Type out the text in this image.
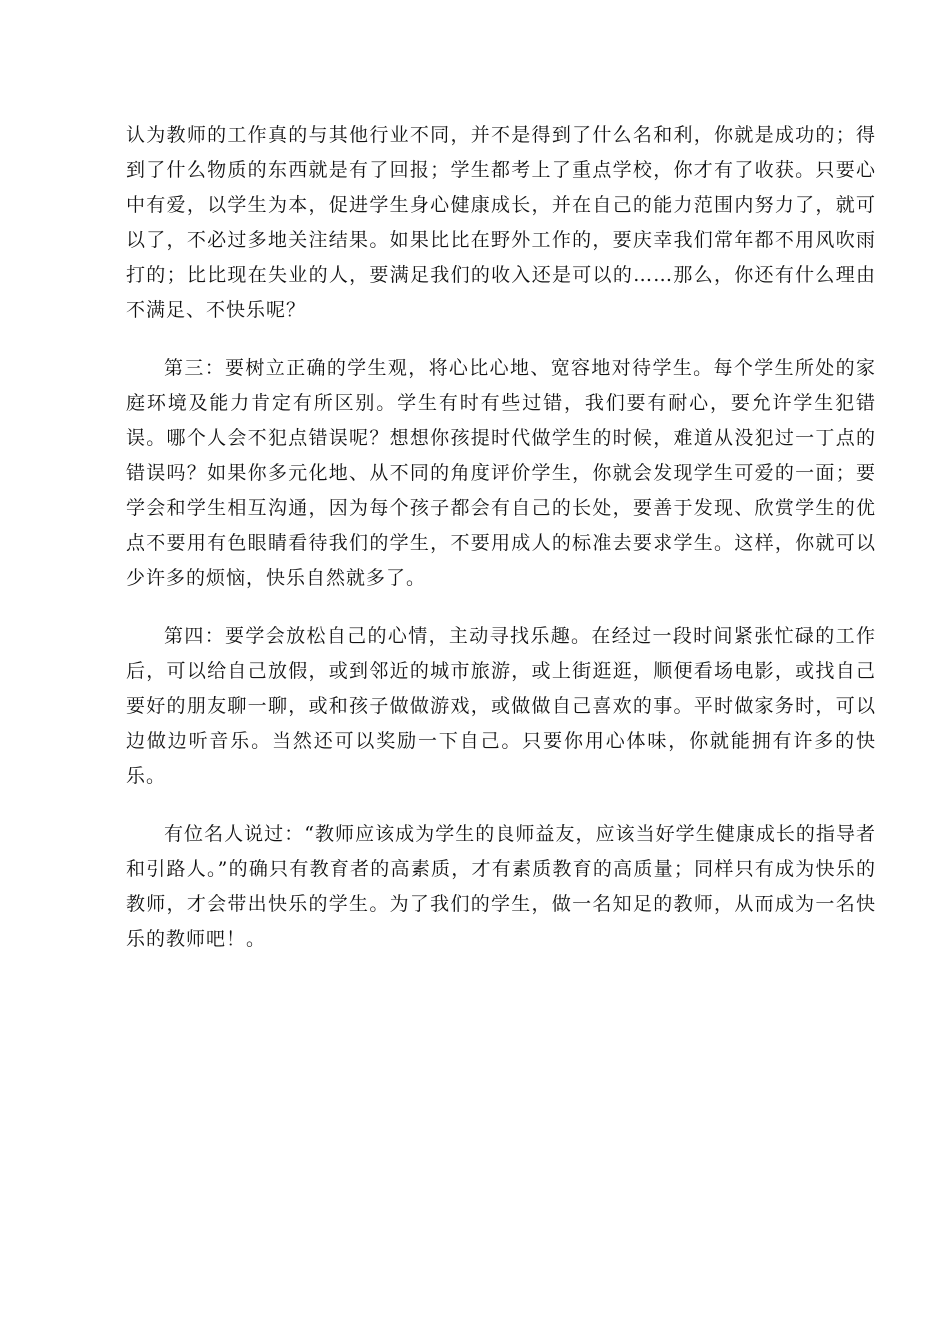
认为教师的工作真的与其他行业不同，并不是得到了什么名和利，你就是成功的；得到了什么物质的东西就是有了回报；学生都考上了重点学校，你才有了收获。只要心中有爱，以学生为本，促进学生身心健康成长，并在自己的能力范围内努力了，就可以了，不必过多地关注结果。如果比比在野外工作的，要庆幸我们常年都不用风吹雨打的；比比现在失业的人，要满足我们的收入还是可以的……那么，你还有什么理由不满足、不快乐呢？

第三：要树立正确的学生观，将心比心地、宽容地对待学生。每个学生所处的家庭环境及能力肯定有所区别。学生有时有些过错，我们要有耐心，要允许学生犯错误。哪个人会不犯点错误呢？想想你孩提时代做学生的时候，难道从没犯过一丁点的错误吗？如果你多元化地、从不同的角度评价学生，你就会发现学生可爱的一面；要学会和学生相互沟通，因为每个孩子都会有自己的长处，要善于发现、欣赏学生的优点不要用有色眼睛看待我们的学生，不要用成人的标准去要求学生。这样，你就可以少许多的烦恼，快乐自然就多了。

第四：要学会放松自己的心情，主动寻找乐趣。在经过一段时间紧张忙碌的工作后，可以给自己放假，或到邻近的城市旅游，或上街逛逛，顺便看场电影，或找自己要好的朋友聊一聊，或和孩子做做游戏，或做做自己喜欢的事。平时做家务时，可以边做边听音乐。当然还可以奖励一下自己。只要你用心体味，你就能拥有许多的快乐。

有位名人说过：“教师应该成为学生的良师益友，应该当好学生健康成长的指导者和引路人。”的确只有教育者的高素质，才有素质教育的高质量；同样只有成为快乐的教师，才会带出快乐的学生。为了我们的学生，做一名知足的教师，从而成为一名快乐的教师吧！。
